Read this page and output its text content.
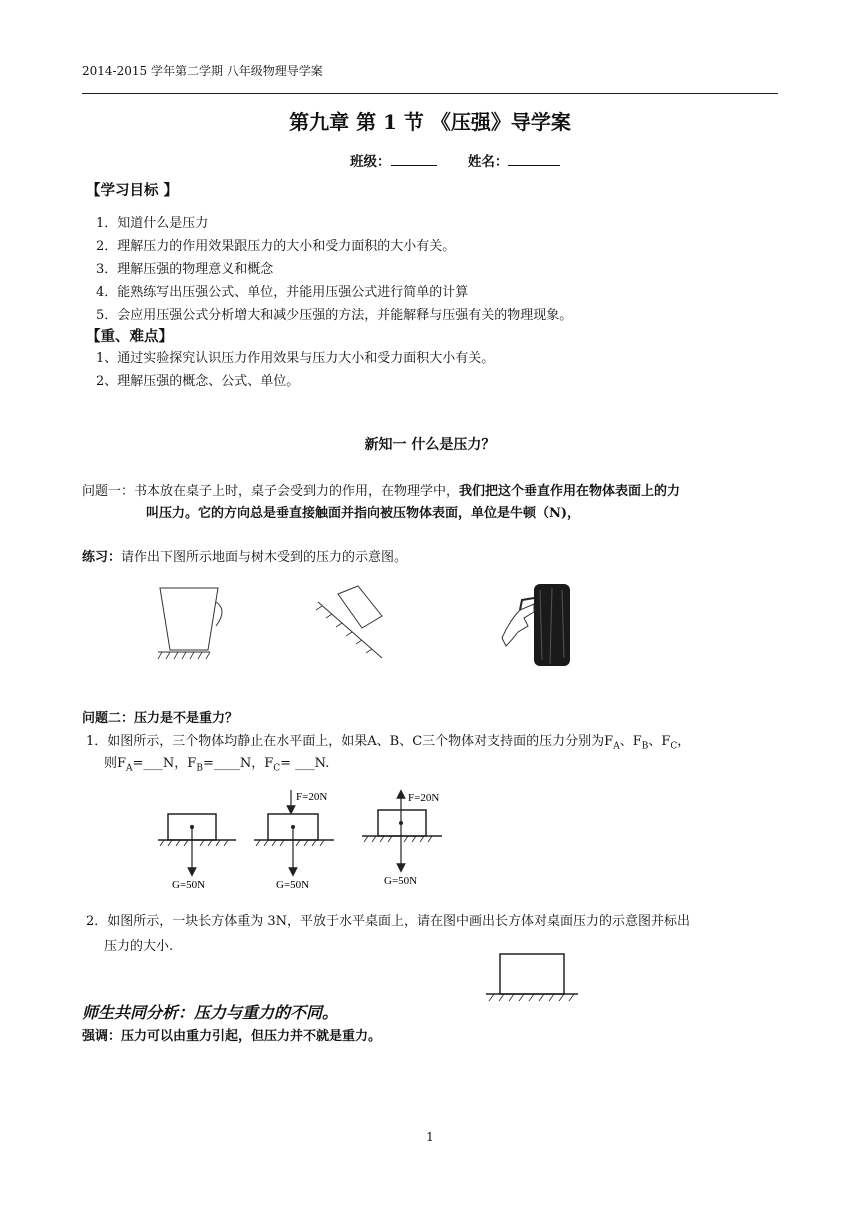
2014-2015 学年第二学期 八年级物理导学案
第九章 第 1 节 《压强》导学案
班级：	姓名：
【学习目标 】
1．知道什么是压力
2．理解压力的作用效果跟压力的大小和受力面积的大小有关。
3．理解压强的物理意义和概念
4．能熟练写出压强公式、单位，并能用压强公式进行简单的计算
5．会应用压强公式分析增大和减少压强的方法，并能解释与压强有关的物理现象。
【重、难点】
1、通过实验探究认识压力作用效果与压力大小和受力面积大小有关。
2、理解压强的概念、公式、单位。
新知一 什么是压力？
问题一：书本放在桌子上时，桌子会受到力的作用，在物理学中，我们把这个垂直作用在物体表面上的力
叫压力。它的方向总是垂直接触面并指向被压物体表面，单位是牛顿（N)，
练习：请作出下图所示地面与树木受到的压力的示意图。
问题二：压力是不是重力？
1．如图所示，三个物体均静止在水平面上，如果A、B、C三个物体对支持面的压力分别为$F_A$、$F_B$、$F_C$，
则$F_A=\_\_\_N$，$F_B=\_\_\_\_N$，$F_C=$ ___N.
G=50N
F=20N
G=50N
F=20N
G=50N
2．如图所示，一块长方体重为 3N，平放于水平桌面上，请在图中画出长方体对桌面压力的示意图并标出
压力的大小.
师生共同分析：压力与重力的不同。
强调：压力可以由重力引起，但压力并不就是重力。
1
